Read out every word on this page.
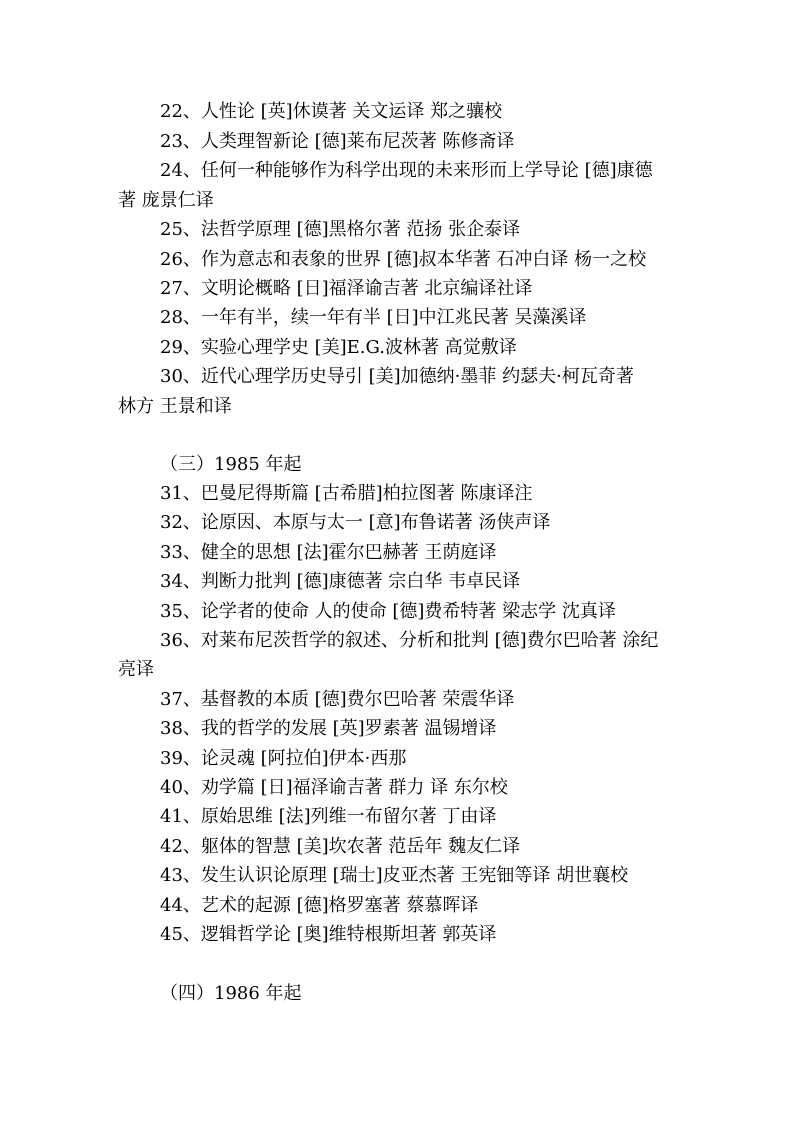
22、人性论 [英]休谟著 关文运译 郑之骧校
23、人类理智新论 [德]莱布尼茨著 陈修斋译
24、任何一种能够作为科学出现的未来形而上学导论 [德]康德
著 庞景仁译
25、法哲学原理 [德]黑格尔著 范扬 张企泰译
26、作为意志和表象的世界 [德]叔本华著 石冲白译 杨一之校
27、文明论概略 [日]福泽谕吉著 北京编译社译
28、一年有半，续一年有半 [日]中江兆民著 吴藻溪译
29、实验心理学史 [美]E.G.波林著 高觉敷译
30、近代心理学历史导引 [美]加德纳·墨菲 约瑟夫·柯瓦奇著
林方 王景和译
（三）1985 年起
31、巴曼尼得斯篇 [古希腊]柏拉图著 陈康译注
32、论原因、本原与太一 [意]布鲁诺著 汤侠声译
33、健全的思想 [法]霍尔巴赫著 王荫庭译
34、判断力批判 [德]康德著 宗白华 韦卓民译
35、论学者的使命 人的使命 [德]费希特著 梁志学 沈真译
36、对莱布尼茨哲学的叙述、分析和批判 [德]费尔巴哈著 涂纪
亮译
37、基督教的本质 [德]费尔巴哈著 荣震华译
38、我的哲学的发展 [英]罗素著 温锡增译
39、论灵魂 [阿拉伯]伊本·西那
40、劝学篇 [日]福泽谕吉著 群力 译 东尔校
41、原始思维 [法]列维一布留尔著 丁由译
42、躯体的智慧 [美]坎农著 范岳年 魏友仁译
43、发生认识论原理 [瑞士]皮亚杰著 王宪钿等译 胡世襄校
44、艺术的起源 [德]格罗塞著 蔡慕晖译
45、逻辑哲学论 [奥]维特根斯坦著 郭英译
（四）1986 年起
